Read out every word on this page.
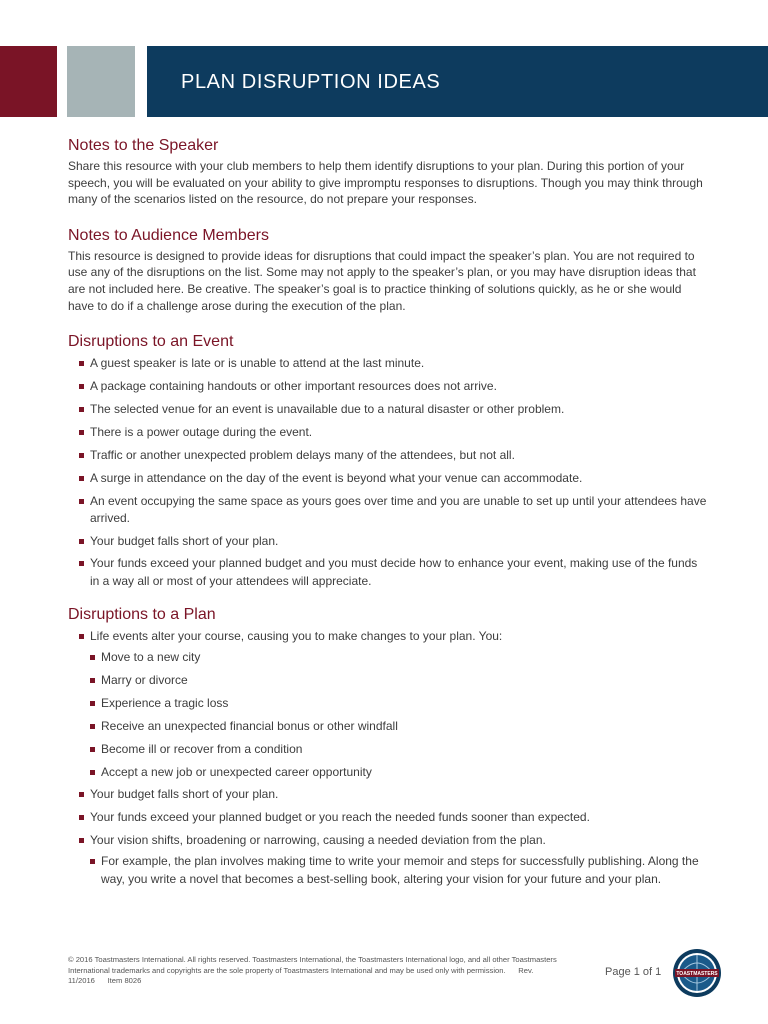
PLAN DISRUPTION IDEAS
Notes to the Speaker

Share this resource with your club members to help them identify disruptions to your plan. During this portion of your speech, you will be evaluated on your ability to give impromptu responses to disruptions. Though you may think through many of the scenarios listed on the resource, do not prepare your responses.

Notes to Audience Members

This resource is designed to provide ideas for disruptions that could impact the speaker’s plan. You are not required to use any of the disruptions on the list. Some may not apply to the speaker’s plan, or you may have disruption ideas that are not included here. Be creative. The speaker’s goal is to practice thinking of solutions quickly, as he or she would have to do if a challenge arose during the execution of the plan.

Disruptions to an Event
A guest speaker is late or is unable to attend at the last minute.
A package containing handouts or other important resources does not arrive.
The selected venue for an event is unavailable due to a natural disaster or other problem.
There is a power outage during the event.
Traffic or another unexpected problem delays many of the attendees, but not all.
A surge in attendance on the day of the event is beyond what your venue can accommodate.
An event occupying the same space as yours goes over time and you are unable to set up until your attendees have arrived.
Your budget falls short of your plan.
Your funds exceed your planned budget and you must decide how to enhance your event, making use of the funds in a way all or most of your attendees will appreciate.
Disruptions to a Plan
Life events alter your course, causing you to make changes to your plan. You:
Move to a new city
Marry or divorce
Experience a tragic loss
Receive an unexpected financial bonus or other windfall
Become ill or recover from a condition
Accept a new job or unexpected career opportunity
Your budget falls short of your plan.
Your funds exceed your planned budget or you reach the needed funds sooner than expected.
Your vision shifts, broadening or narrowing, causing a needed deviation from the plan.
For example, the plan involves making time to write your memoir and steps for successfully publishing. Along the way, you write a novel that becomes a best-selling book, altering your vision for your future and your plan.
© 2016 Toastmasters International. All rights reserved. Toastmasters International, the Toastmasters International logo, and all other Toastmasters International trademarks and copyrights are the sole property of Toastmasters International and may be used only with permission. Rev. 11/2016 Item 8026
Page 1 of 1	TOASTMASTERS
